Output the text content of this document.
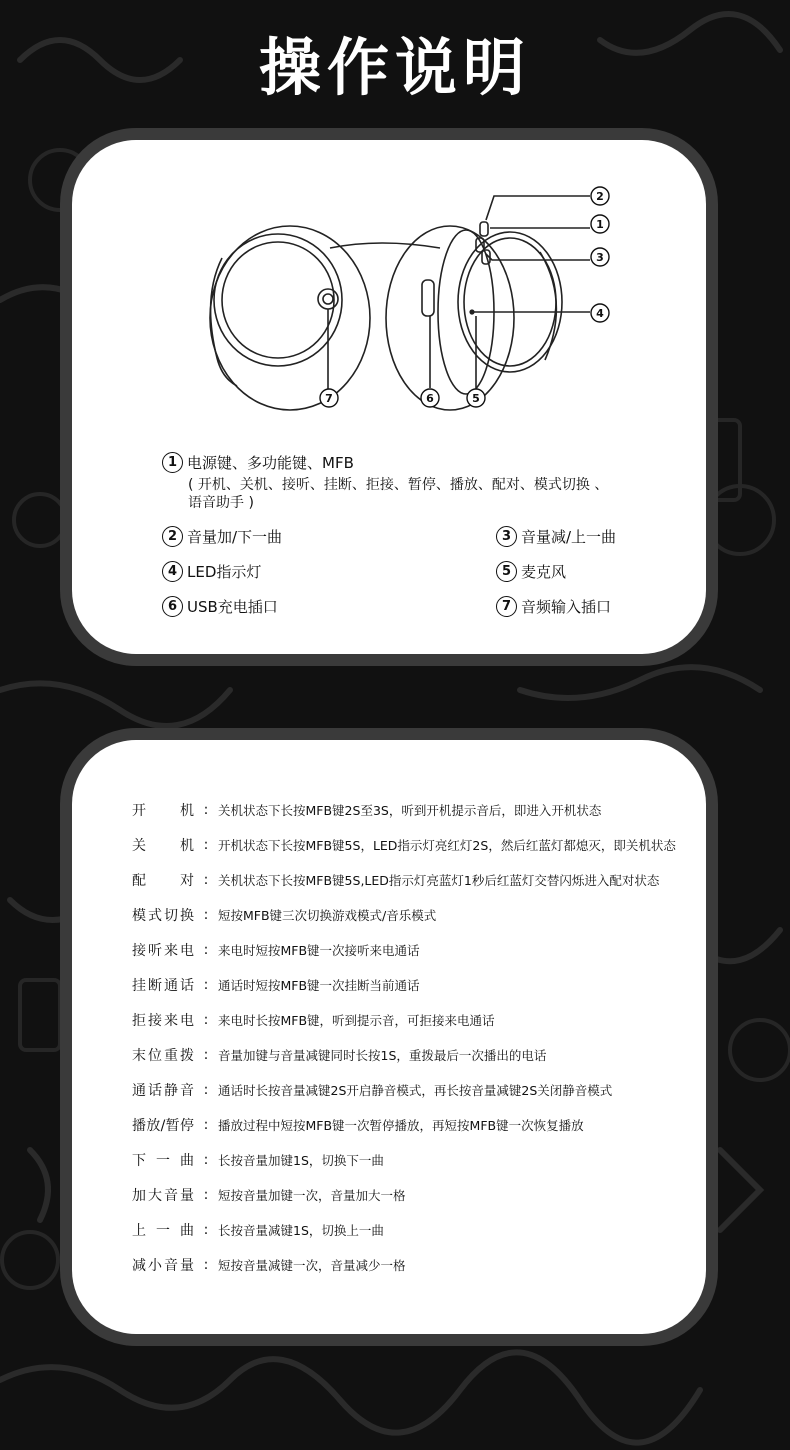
操作说明
2
1
3
4
5
6
7
1 电源键、多功能键、MFB
( 开机、关机、接听、挂断、拒接、暂停、播放、配对、模式切换 、
语音助手 )
2 音量加/下一曲	3 音量减/上一曲
4 LED指示灯	5 麦克风
6 USB充电插口	7 音频输入插口
开 机 : 关机状态下长按MFB键2S至3S，听到开机提示音后，即进入开机状态
关 机 : 开机状态下长按MFB键5S，LED指示灯亮红灯2S，然后红蓝灯都熄灭，即关机状态
配 对 : 关机状态下长按MFB键5S,LED指示灯亮蓝灯1秒后红蓝灯交替闪烁进入配对状态
模式切换 : 短按MFB键三次切换游戏模式/音乐模式
接听来电 : 来电时短按MFB键一次接听来电通话
挂断通话 : 通话时短按MFB键一次挂断当前通话
拒接来电 : 来电时长按MFB键，听到提示音，可拒接来电通话
末位重拨 : 音量加键与音量减键同时长按1S，重拨最后一次播出的电话
通话静音 : 通话时长按音量减键2S开启静音模式，再长按音量减键2S关闭静音模式
播放/暂停 : 播放过程中短按MFB键一次暂停播放，再短按MFB键一次恢复播放
下 一 曲 : 长按音量加键1S，切换下一曲
加大音量 : 短按音量加键一次，音量加大一格
上 一 曲 : 长按音量减键1S，切换上一曲
减小音量 : 短按音量减键一次，音量减少一格
